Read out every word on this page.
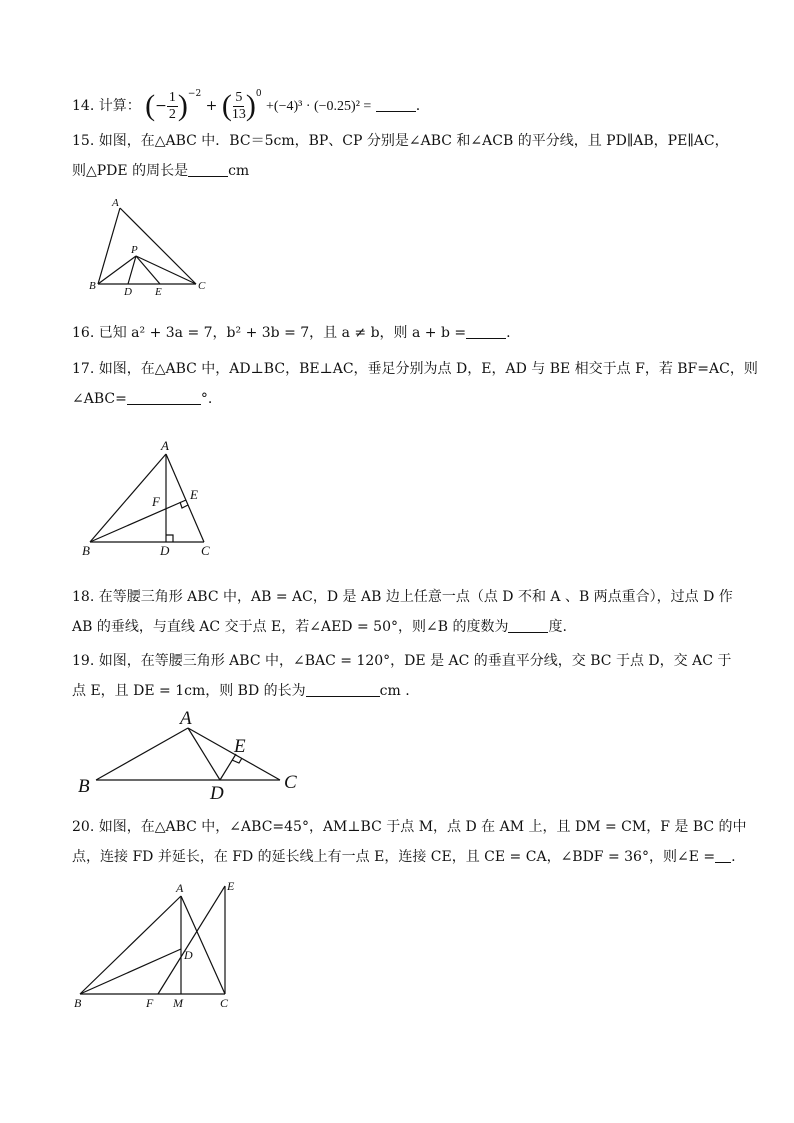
14. 计算： (− $\frac{1}{2} )^{-2}$ + ( $\frac{5}{13} )^0 +(-4)^3 \cdot (-0.25)^2$ =	.
15. 如图，在△ABC 中．BC＝5cm，BP、CP 分别是∠ABC 和∠ACB 的平分线，且 PD∥AB，PE∥AC，
则△PDE 的周长是	cm
A
P
B	D E	C
16. 已知 a² + 3a = 7，b² + 3b = 7，且 a ≠ b，则 a + b =	.
17. 如图，在△ABC 中，AD⊥BC，BE⊥AC，垂足分别为点 D，E，AD 与 BE 相交于点 F，若 BF=AC，则
∠ABC=	°.
A
E
F
B	D C
18. 在等腰三角形 ABC 中，AB = AC，D 是 AB 边上任意一点（点 D 不和 A 、B 两点重合），过点 D 作
AB 的垂线，与直线 AC 交于点 E，若∠AED = 50°，则∠B 的度数为	度.
19. 如图，在等腰三角形 ABC 中，∠BAC = 120°，DE 是 AC 的垂直平分线，交 BC 于点 D，交 AC 于
点 E，且 DE = 1cm，则 BD 的长为	cm .
A
E
B	D
C
20. 如图，在△ABC 中，∠ABC=45°，AM⊥BC 于点 M，点 D 在 AM 上，且 DM = CM，F 是 BC 的中
点，连接 FD 并延长，在 FD 的延长线上有一点 E，连接 CE，且 CE = CA，∠BDF = 36°，则∠E = .
A	E
D
B	F M	C
